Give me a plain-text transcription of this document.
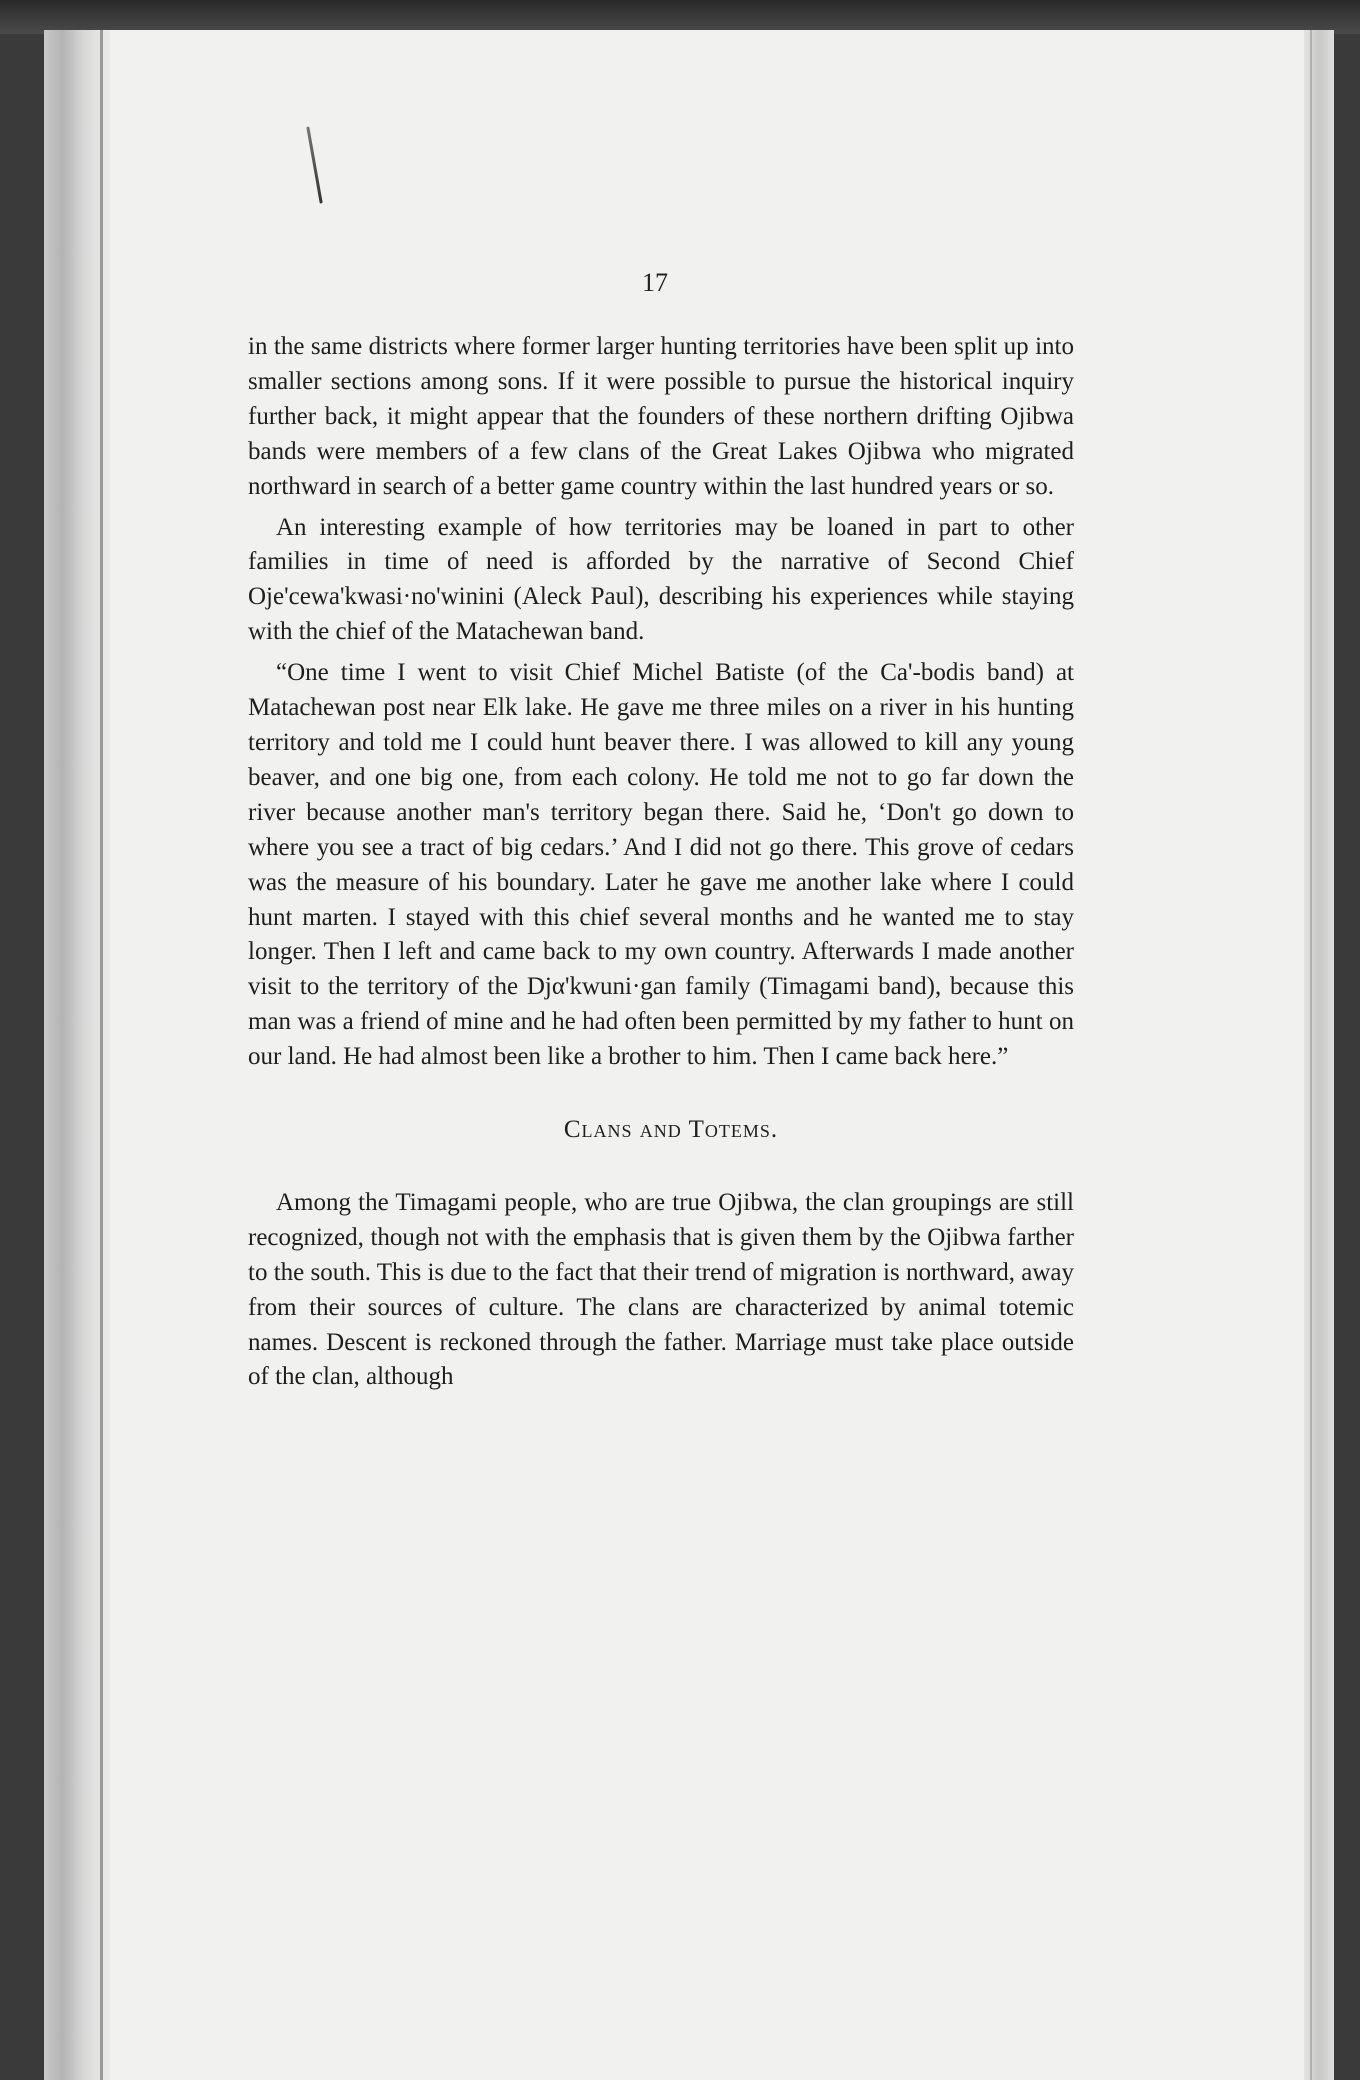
17

in the same districts where former larger hunting territories have been split up into smaller sections among sons. If it were possible to pursue the historical inquiry further back, it might appear that the founders of these northern drifting Ojibwa bands were members of a few clans of the Great Lakes Ojibwa who migrated northward in search of a better game country within the last hundred years or so.

An interesting example of how territories may be loaned in part to other families in time of need is afforded by the narrative of Second Chief Oje'cewa'kwasi·no'winini (Aleck Paul), describing his experiences while staying with the chief of the Matachewan band.

“One time I went to visit Chief Michel Batiste (of the Ca'-bodis band) at Matachewan post near Elk lake. He gave me three miles on a river in his hunting territory and told me I could hunt beaver there. I was allowed to kill any young beaver, and one big one, from each colony. He told me not to go far down the river because another man's territory began there. Said he, ‘Don't go down to where you see a tract of big cedars.’ And I did not go there. This grove of cedars was the measure of his boundary. Later he gave me another lake where I could hunt marten. I stayed with this chief several months and he wanted me to stay longer. Then I left and came back to my own country. Afterwards I made another visit to the territory of the Djα'kwuni·gan family (Timagami band), because this man was a friend of mine and he had often been permitted by my father to hunt on our land. He had almost been like a brother to him. Then I came back here.”

Clans and Totems.

Among the Timagami people, who are true Ojibwa, the clan groupings are still recognized, though not with the emphasis that is given them by the Ojibwa farther to the south. This is due to the fact that their trend of migration is northward, away from their sources of culture. The clans are characterized by animal totemic names. Descent is reckoned through the father. Marriage must take place outside of the clan, although
